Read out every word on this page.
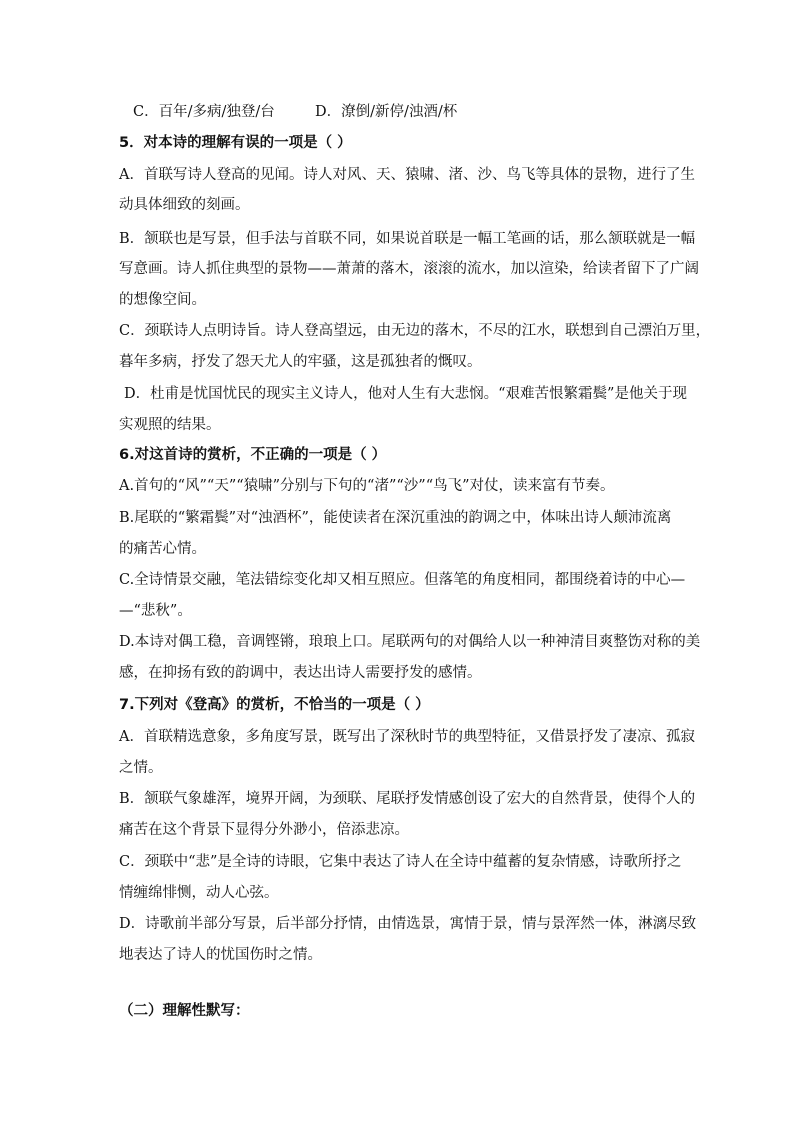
C．百年/多病/独登/台	D．潦倒/新停/浊酒/杯
5．对本诗的理解有误的一项是（ ）
A．首联写诗人登高的见闻。诗人对风、天、猿啸、渚、沙、鸟飞等具体的景物，进行了生
动具体细致的刻画。
B．颔联也是写景，但手法与首联不同，如果说首联是一幅工笔画的话，那么颔联就是一幅
写意画。诗人抓住典型的景物——萧萧的落木，滚滚的流水，加以渲染，给读者留下了广阔
的想像空间。
C．颈联诗人点明诗旨。诗人登高望远，由无边的落木，不尽的江水，联想到自己漂泊万里，
暮年多病，抒发了怨天尤人的牢骚，这是孤独者的慨叹。
D．杜甫是忧国忧民的现实主义诗人，他对人生有大悲悯。“艰难苦恨繁霜鬓”是他关于现
实观照的结果。
6.对这首诗的赏析，不正确的一项是（ ）
A.首句的“风”“天”“猿啸”分别与下句的“渚”“沙”“鸟飞”对仗，读来富有节奏。
B.尾联的“繁霜鬓”对“浊酒杯”，能使读者在深沉重浊的韵调之中，体味出诗人颠沛流离
的痛苦心情。
C.全诗情景交融，笔法错综变化却又相互照应。但落笔的角度相同，都围绕着诗的中心—
—“悲秋”。
D.本诗对偶工稳，音调铿锵，琅琅上口。尾联两句的对偶给人以一种神清目爽整饬对称的美
感，在抑扬有致的韵调中，表达出诗人需要抒发的感情。
7.下列对《登高》的赏析，不恰当的一项是（ ）
A．首联精选意象，多角度写景，既写出了深秋时节的典型特征，又借景抒发了凄凉、孤寂
之情。
B．颔联气象雄浑，境界开阔，为颈联、尾联抒发情感创设了宏大的自然背景，使得个人的
痛苦在这个背景下显得分外渺小，倍添悲凉。
C．颈联中“悲”是全诗的诗眼，它集中表达了诗人在全诗中蕴蓄的复杂情感，诗歌所抒之
情缠绵悱恻，动人心弦。
D．诗歌前半部分写景，后半部分抒情，由情选景，寓情于景，情与景浑然一体，淋漓尽致
地表达了诗人的忧国伤时之情。
（二）理解性默写：
